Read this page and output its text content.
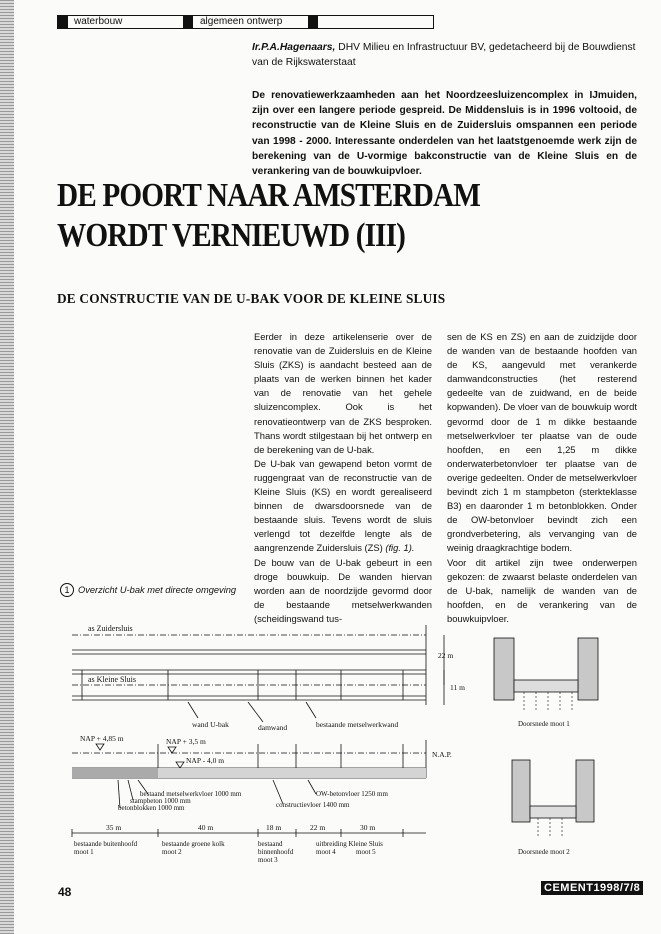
waterbouw	algemeen ontwerp
Ir.P.A.Hagenaars, DHV Milieu en Infrastructuur BV, gedetacheerd bij de Bouwdienst van de Rijkswaterstaat
De renovatiewerkzaamheden aan het Noordzeesluizencomplex in IJmuiden, zijn over een langere periode gespreid. De Middensluis is in 1996 voltooid, de reconstructie van de Kleine Sluis en de Zuidersluis omspannen een periode van 1998 - 2000. Interessante onderdelen van het laatstgenoemde werk zijn de berekening van de U-vormige bakconstructie van de Kleine Sluis en de verankering van de bouwkuipvloer.
DE POORT NAAR AMSTERDAM WORDT VERNIEUWD (III)
DE CONSTRUCTIE VAN DE U-BAK VOOR DE KLEINE SLUIS

Eerder in deze artikelenserie over de renovatie van de Zuidersluis en de Kleine Sluis (ZKS) is aandacht besteed aan de plaats van de werken binnen het kader van de renovatie van het gehele sluizencomplex. Ook is het renovatieontwerp van de ZKS besproken. Thans wordt stilgestaan bij het ontwerp en de berekening van de U-bak.

De U-bak van gewapend beton vormt de ruggengraat van de reconstructie van de Kleine Sluis (KS) en wordt gerealiseerd binnen de dwarsdoorsnede van de bestaande sluis. Tevens wordt de sluis verlengd tot dezelfde lengte als de aangrenzende Zuidersluis (ZS) (fig. 1).

De bouw van de U-bak gebeurt in een droge bouwkuip. De wanden hiervan worden aan de noordzijde gevormd door de bestaande metselwerkwanden (scheidingswand tus-

sen de KS en ZS) en aan de zuidzijde door de wanden van de bestaande hoofden van de KS, aangevuld met verankerde damwandconstructies (het resterend gedeelte van de zuidwand, en de beide kopwanden). De vloer van de bouwkuip wordt gevormd door de 1 m dikke bestaande metselwerkvloer ter plaatse van de oude hoofden, en een 1,25 m dikke onderwaterbetonvloer ter plaatse van de overige gedeelten. Onder de metselwerkvloer bevindt zich 1 m stampbeton (sterkteklasse B3) en daaronder 1 m betonblokken. Onder de OW-betonvloer bevindt zich een grondverbetering, als vervanging van de weinig draagkrachtige bodem.

Voor dit artikel zijn twee onderwerpen gekozen: de zwaarst belaste onderdelen van de U-bak, namelijk de wanden van de hoofden, en de verankering van de bouwkuipvloer.

1 Overzicht U-bak met directe omgeving
as Zuidersluis
as Kleine Sluis
22 m
11 m
wand U-bak	damwand	bestaande metselwerkwand
NAP + 4,85 m	NAP + 3,5 m
NAP - 4,0 m
N.A.P.
bestaand metselwerkvloer 1000 mm
stampbeton 1000 mm
betonblokken 1000 mm
OW-betonvloer 1250 mm
constructievloer 1400 mm
35 m	40 m	18 m	22 m	30 m
bestaande buitenhoofd
moot 1
bestaande groene kolk
moot 2
bestaand
binnenhoofd
moot 3
uitbreiding Kleine Sluis
moot 4	moot 5
Doorsnede moot 1
Doorsnede moot 2
48	CEMENT1998/7/8
